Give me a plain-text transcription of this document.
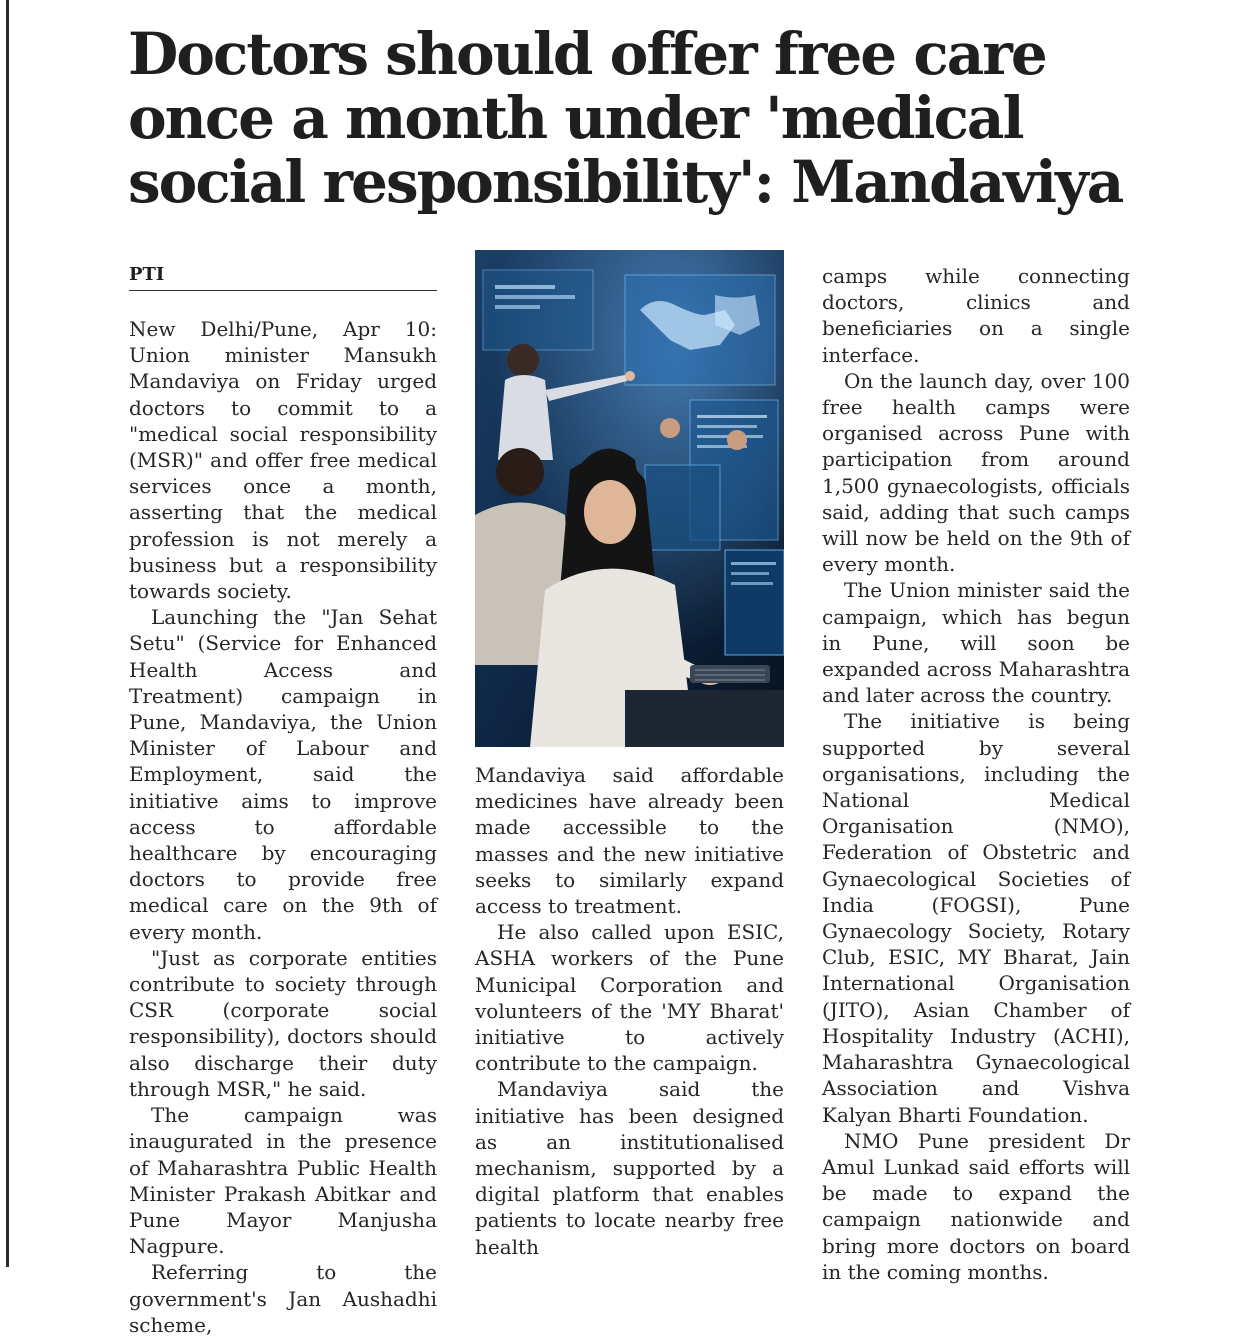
Doctors should offer free care once a month under 'medical social responsibility': Mandaviya
PTI

New Delhi/Pune, Apr 10: Union minister Mansukh Mandaviya on Friday urged doctors to commit to a "medical social responsibility (MSR)" and offer free medical services once a month, asserting that the medical profession is not merely a business but a responsibility towards society.

Launching the "Jan Sehat Setu" (Service for Enhanced Health Access and Treatment) campaign in Pune, Mandaviya, the Union Minister of Labour and Employment, said the initiative aims to improve access to affordable healthcare by encouraging doctors to provide free medical care on the 9th of every month.

"Just as corporate entities contribute to society through CSR (corporate social responsibility), doctors should also discharge their duty through MSR," he said.

The campaign was inaugurated in the presence of Maharashtra Public Health Minister Prakash Abitkar and Pune Mayor Manjusha Nagpure.

Referring to the government's Jan Aushadhi scheme,

Mandaviya said affordable medicines have already been made accessible to the masses and the new initiative seeks to similarly expand access to treatment.

He also called upon ESIC, ASHA workers of the Pune Municipal Corporation and volunteers of the 'MY Bharat' initiative to actively contribute to the campaign.

Mandaviya said the initiative has been designed as an institutionalised mechanism, supported by a digital platform that enables patients to locate nearby free health

camps while connecting doctors, clinics and beneficiaries on a single interface.

On the launch day, over 100 free health camps were organised across Pune with participation from around 1,500 gynaecologists, officials said, adding that such camps will now be held on the 9th of every month.

The Union minister said the campaign, which has begun in Pune, will soon be expanded across Maharashtra and later across the country.

The initiative is being supported by several organisations, including the National Medical Organisation (NMO), Federation of Obstetric and Gynaecological Societies of India (FOGSI), Pune Gynaecology Society, Rotary Club, ESIC, MY Bharat, Jain International Organisation (JITO), Asian Chamber of Hospitality Industry (ACHI), Maharashtra Gynaecological Association and Vishva Kalyan Bharti Foundation.

NMO Pune president Dr Amul Lunkad said efforts will be made to expand the campaign nationwide and bring more doctors on board in the coming months.
